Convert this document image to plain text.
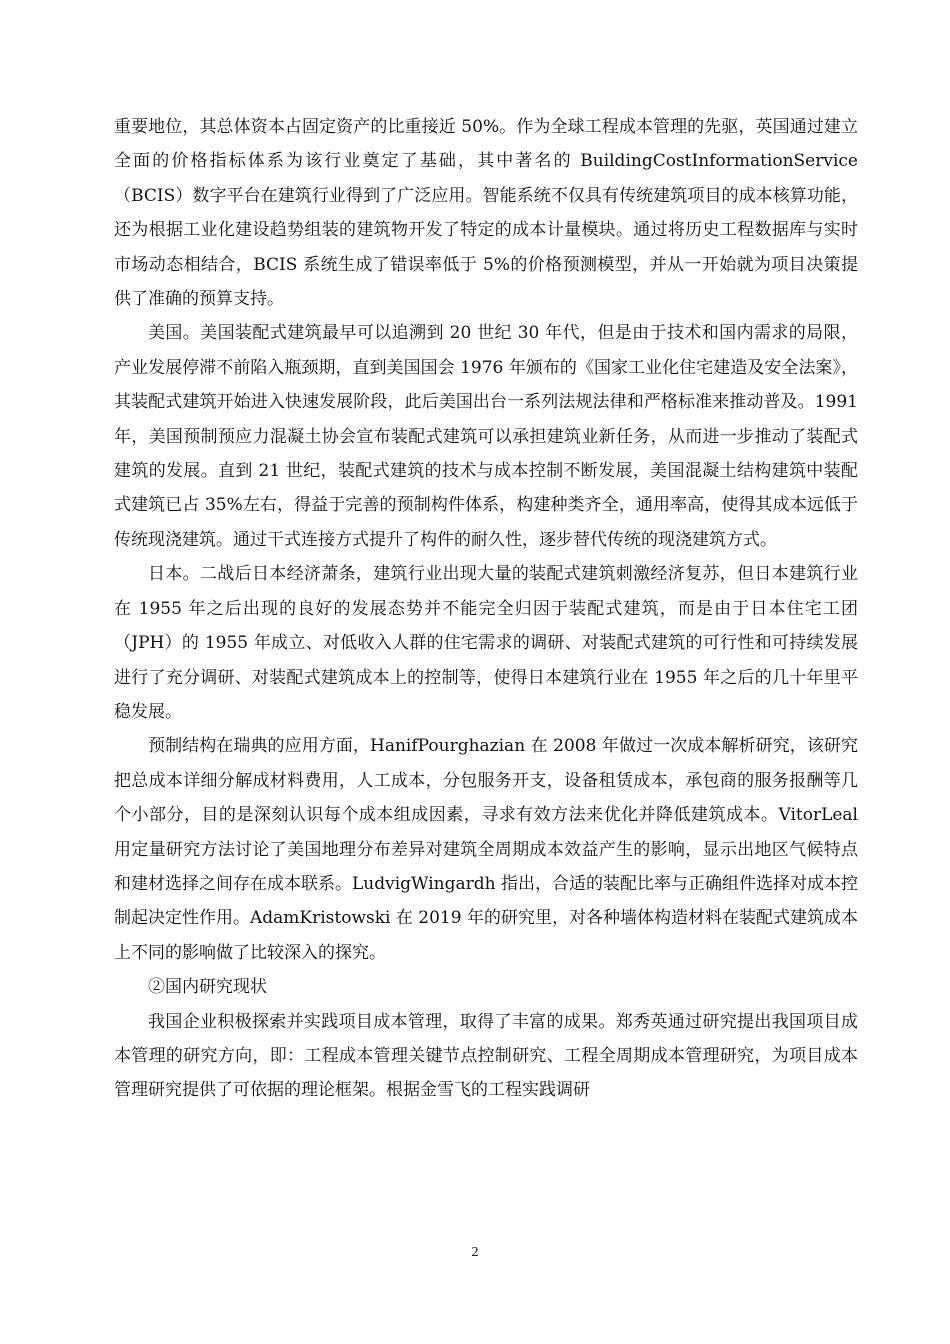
重要地位，其总体资本占固定资产的比重接近 50%。作为全球工程成本管理的先驱，英国通过建立全面的价格指标体系为该行业奠定了基础，其中著名的 BuildingCostInformationService（BCIS）数字平台在建筑行业得到了广泛应用。智能系统不仅具有传统建筑项目的成本核算功能，还为根据工业化建设趋势组装的建筑物开发了特定的成本计量模块。通过将历史工程数据库与实时市场动态相结合，BCIS 系统生成了错误率低于 5%的价格预测模型，并从一开始就为项目决策提供了准确的预算支持。

美国。美国装配式建筑最早可以追溯到 20 世纪 30 年代，但是由于技术和国内需求的局限，产业发展停滞不前陷入瓶颈期，直到美国国会 1976 年颁布的《国家工业化住宅建造及安全法案》，其装配式建筑开始进入快速发展阶段，此后美国出台一系列法规法律和严格标准来推动普及。1991 年，美国预制预应力混凝土协会宣布装配式建筑可以承担建筑业新任务，从而进一步推动了装配式建筑的发展。直到 21 世纪，装配式建筑的技术与成本控制不断发展，美国混凝土结构建筑中装配式建筑已占 35%左右，得益于完善的预制构件体系，构建种类齐全，通用率高，使得其成本远低于传统现浇建筑。通过干式连接方式提升了构件的耐久性，逐步替代传统的现浇建筑方式。

日本。二战后日本经济萧条，建筑行业出现大量的装配式建筑刺激经济复苏，但日本建筑行业在 1955 年之后出现的良好的发展态势并不能完全归因于装配式建筑，而是由于日本住宅工团（JPH）的 1955 年成立、对低收入人群的住宅需求的调研、对装配式建筑的可行性和可持续发展进行了充分调研、对装配式建筑成本上的控制等，使得日本建筑行业在 1955 年之后的几十年里平稳发展。

预制结构在瑞典的应用方面，HanifPourghazian 在 2008 年做过一次成本解析研究，该研究把总成本详细分解成材料费用，人工成本，分包服务开支，设备租赁成本，承包商的服务报酬等几个小部分，目的是深刻认识每个成本组成因素，寻求有效方法来优化并降低建筑成本。VitorLeal 用定量研究方法讨论了美国地理分布差异对建筑全周期成本效益产生的影响，显示出地区气候特点和建材选择之间存在成本联系。LudvigWingardh 指出，合适的装配比率与正确组件选择对成本控制起决定性作用。AdamKristowski 在 2019 年的研究里，对各种墙体构造材料在装配式建筑成本上不同的影响做了比较深入的探究。

②国内研究现状

我国企业积极探索并实践项目成本管理，取得了丰富的成果。郑秀英通过研究提出我国项目成本管理的研究方向，即：工程成本管理关键节点控制研究、工程全周期成本管理研究，为项目成本管理研究提供了可依据的理论框架。根据金雪飞的工程实践调研

2
